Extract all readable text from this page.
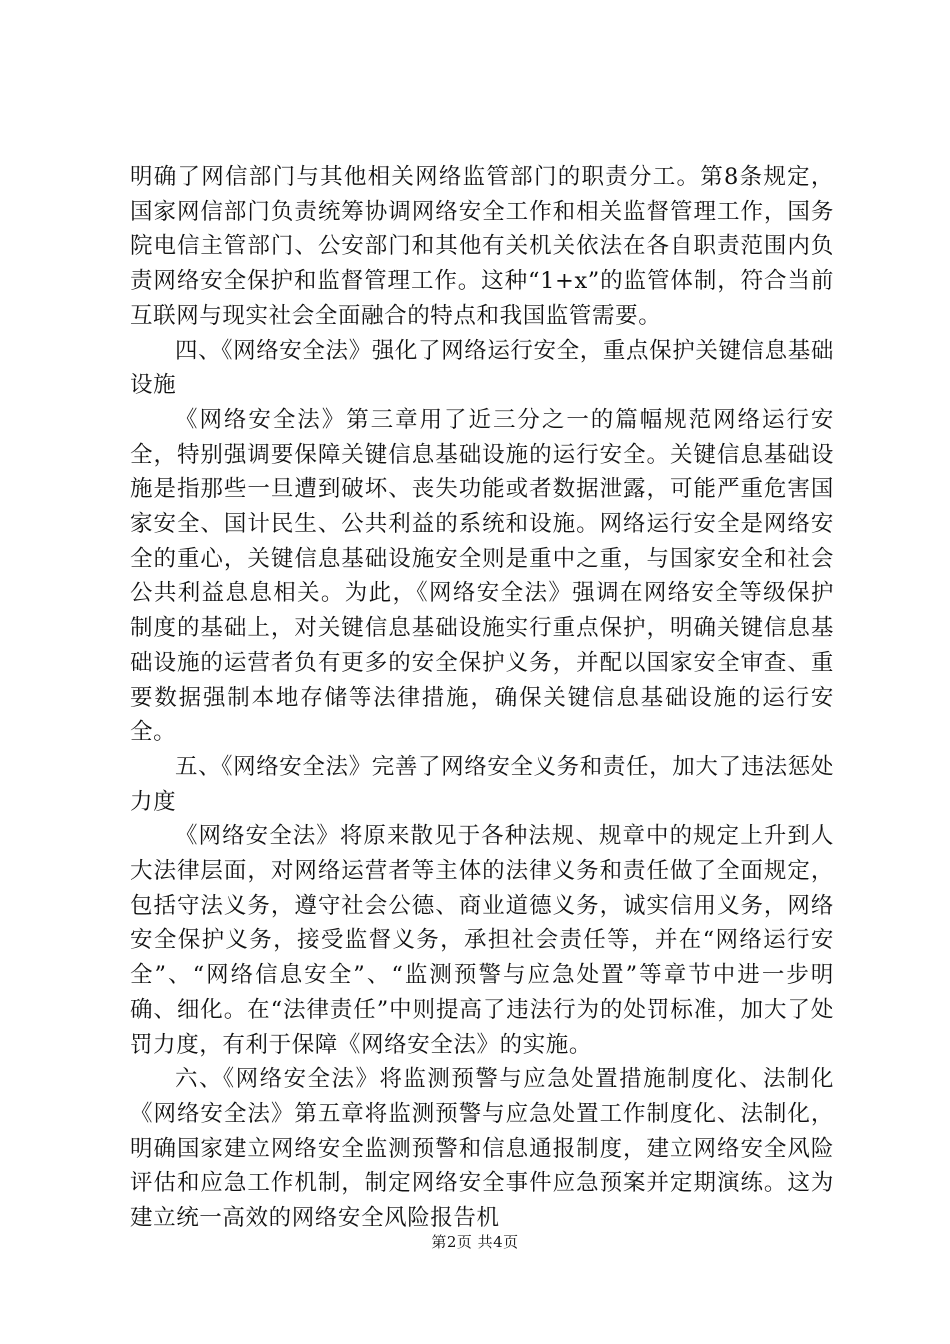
明确了网信部门与其他相关网络监管部门的职责分工。第8条规定，国家网信部门负责统筹协调网络安全工作和相关监督管理工作，国务院电信主管部门、公安部门和其他有关机关依法在各自职责范围内负责网络安全保护和监督管理工作。这种“1+x”的监管体制，符合当前互联网与现实社会全面融合的特点和我国监管需要。

四、《网络安全法》强化了网络运行安全，重点保护关键信息基础设施

《网络安全法》第三章用了近三分之一的篇幅规范网络运行安全，特别强调要保障关键信息基础设施的运行安全。关键信息基础设施是指那些一旦遭到破坏、丧失功能或者数据泄露，可能严重危害国家安全、国计民生、公共利益的系统和设施。网络运行安全是网络安全的重心，关键信息基础设施安全则是重中之重，与国家安全和社会公共利益息息相关。为此，《网络安全法》强调在网络安全等级保护制度的基础上，对关键信息基础设施实行重点保护，明确关键信息基础设施的运营者负有更多的安全保护义务，并配以国家安全审查、重要数据强制本地存储等法律措施，确保关键信息基础设施的运行安全。

五、《网络安全法》完善了网络安全义务和责任，加大了违法惩处力度

《网络安全法》将原来散见于各种法规、规章中的规定上升到人大法律层面，对网络运营者等主体的法律义务和责任做了全面规定，包括守法义务，遵守社会公德、商业道德义务，诚实信用义务，网络安全保护义务，接受监督义务，承担社会责任等，并在“网络运行安全”、“网络信息安全”、“监测预警与应急处置”等章节中进一步明确、细化。在“法律责任”中则提高了违法行为的处罚标准，加大了处罚力度，有利于保障《网络安全法》的实施。

六、《网络安全法》将监测预警与应急处置措施制度化、法制化《网络安全法》第五章将监测预警与应急处置工作制度化、法制化，明确国家建立网络安全监测预警和信息通报制度，建立网络安全风险评估和应急工作机制，制定网络安全事件应急预案并定期演练。这为建立统一高效的网络安全风险报告机

第2页 共4页
